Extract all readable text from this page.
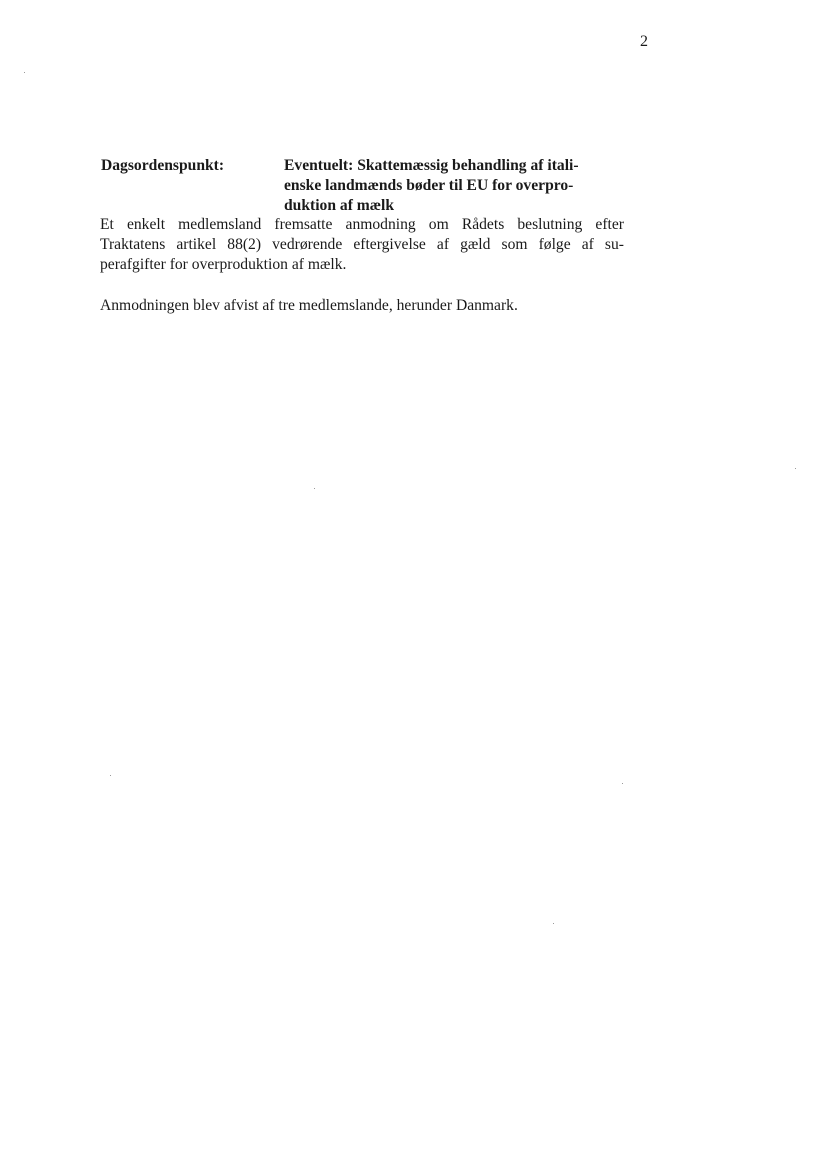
2
Dagsordenspunkt:	Eventuelt: Skattemæssig behandling af itali-
enske landmænds bøder til EU for overpro-
duktion af mælk
Et enkelt medlemsland fremsatte anmodning om Rådets beslutning efter
Traktatens artikel 88(2) vedrørende eftergivelse af gæld som følge af su-
perafgifter for overproduktion af mælk.
Anmodningen blev afvist af tre medlemslande, herunder Danmark.
